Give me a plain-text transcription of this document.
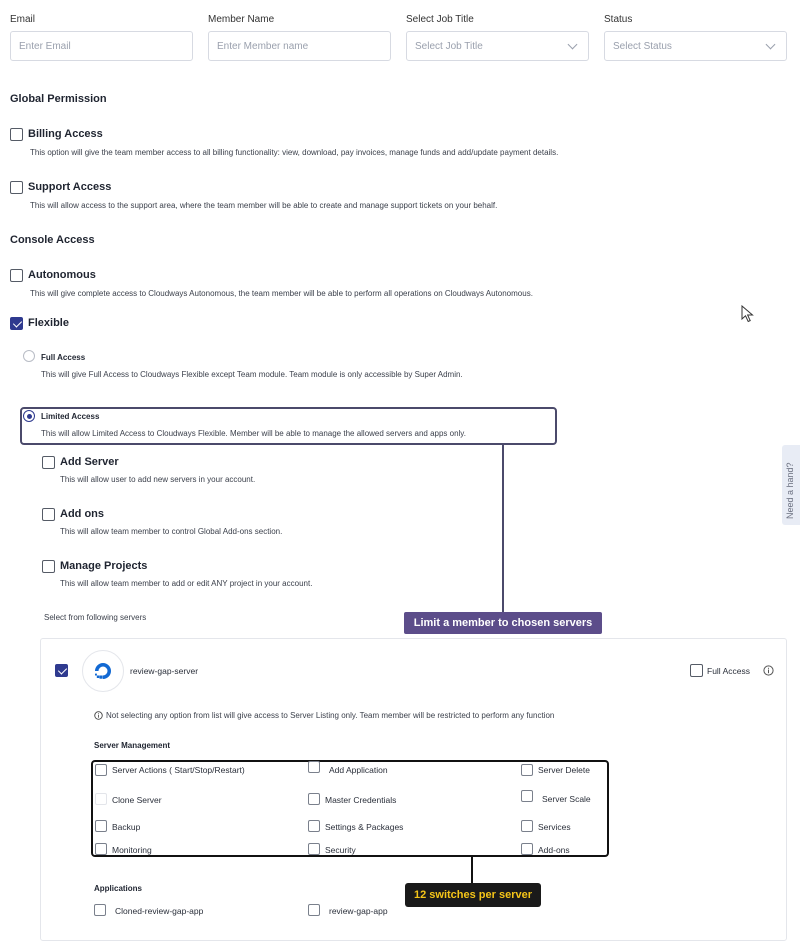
Email
Enter Email
Member Name
Enter Member name
Select Job Title
Select Job Title
Status
Select Status
Global Permission
Billing Access
This option will give the team member access to all billing functionality: view, download, pay invoices, manage funds and add/update payment details.
Support Access
This will allow access to the support area, where the team member will be able to create and manage support tickets on your behalf.
Console Access
Autonomous
This will give complete access to Cloudways Autonomous, the team member will be able to perform all operations on Cloudways Autonomous.
Flexible
Full Access
This will give Full Access to Cloudways Flexible except Team module. Team module is only accessible by Super Admin.
Limited Access
This will allow Limited Access to Cloudways Flexible. Member will be able to manage the allowed servers and apps only.
Limit a member to chosen servers
Add Server
This will allow user to add new servers in your account.
Add ons
This will allow team member to control Global Add-ons section.
Manage Projects
This will allow team member to add or edit ANY project in your account.
Select from following servers
review-gap-server	Full Access
Not selecting any option from list will give access to Server Listing only. Team member will be restricted to perform any function
Server Management
Server Actions ( Start/Stop/Restart)
Clone Server
Backup
Monitoring
Add Application
Master Credentials
Settings & Packages
Security
Server Delete
Server Scale
Services
Add-ons
12 switches per server
Applications
Cloned-review-gap-app	review-gap-app
Need a hand?
